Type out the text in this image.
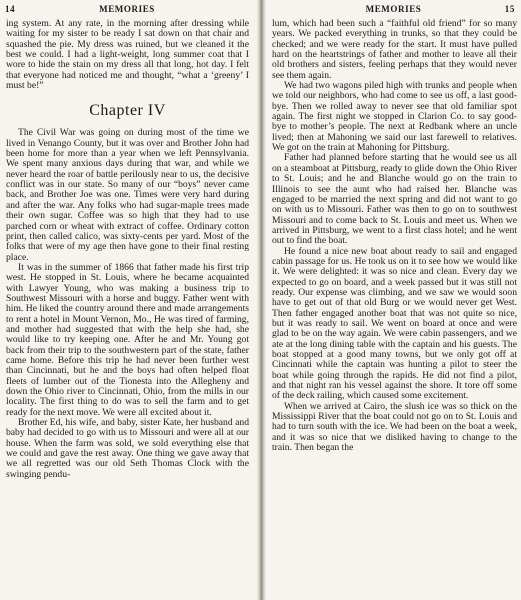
14	MEMORIES

ing system. At any rate, in the morning after dressing while waiting for my sister to be ready I sat down on that chair and squashed the pie. My dress was ruined, but we cleaned it the best we could. I had a light-weight, long summer coat that I wore to hide the stain on my dress all that long, hot day. I felt that everyone had noticed me and thought, “what a ‘greeny’ I must be!”

Chapter IV

The Civil War was going on during most of the time we lived in Venango County, but it was over and Brother John had been home for more than a year when we left Pennsylvania. We spent many anxious days during that war, and while we never heard the roar of battle perilously near to us, the decisive conflict was in our state. So many of our “boys” never came back, and Brother Joe was one. Times were very hard during and after the war. Any folks who had sugar-maple trees made their own sugar. Coffee was so high that they had to use parched corn or wheat with extract of coffee. Ordinary cotton print, then called calico, was sixty-cents per yard. Most of the folks that were of my age then have gone to their final resting place.

It was in the summer of 1866 that father made his first trip west. He stopped in St. Louis, where he became acquainted with Lawyer Young, who was making a business trip to Southwest Missouri with a horse and buggy. Father went with him. He liked the country around there and made arrangements to rent a hotel in Mount Vernon, Mo., He was tired of farming, and mother had suggested that with the help she had, she would like to try keeping one. After he and Mr. Young got back from their trip to the southwestern part of the state, father came home. Before this trip he had never been further west than Cincinnati, but he and the boys had often helped float fleets of lumber out of the Tionesta into the Allegheny and down the Ohio river to Cincinnati, Ohio, from the mills in our locality. The first thing to do was to sell the farm and to get ready for the next move. We were all excited about it.

Brother Ed, his wife, and baby, sister Kate, her husband and baby had decided to go with us to Missouri and were all at our house. When the farm was sold, we sold everything else that we could and gave the rest away. One thing we gave away that we all regretted was our old Seth Thomas Clock with the swinging pendu-

MEMORIES	15

lum, which had been such a “faithful old friend” for so many years. We packed everything in trunks, so that they could be checked; and we were ready for the start. It must have pulled hard on the heartstrings of father and mother to leave all their old brothers and sisters, feeling perhaps that they would never see them again.

We had two wagons piled high with trunks and people when we told our neighbors, who had come to see us off, a last good-bye. Then we rolled away to never see that old familiar spot again. The first night we stopped in Clarion Co. to say good-bye to mother’s people. The next at Redbank where an uncle lived; then at Mahoning we said our last farewell to relatives. We got on the train at Mahoning for Pittsburg.

Father had planned before starting that he would see us all on a steamboat at Pittsburg, ready to glide down the Ohio River to St. Louis; and he and Blanche would go on the train to Illinois to see the aunt who had raised her. Blanche was engaged to be married the next spring and did not want to go on with us to Missouri. Father was then to go on to southwest Missouri and to come back to St. Louis and meet us. When we arrived in Pittsburg, we went to a first class hotel; and he went out to find the boat.

He found a nice new boat about ready to sail and engaged cabin passage for us. He took us on it to see how we would like it. We were delighted: it was so nice and clean. Every day we expected to go on board, and a week passed but it was still not ready. Our expense was climbing, and we saw we would soon have to get out of that old Burg or we would never get West. Then father engaged another boat that was not quite so nice, but it was ready to sail. We went on board at once and were glad to be on the way again. We were cabin passengers, and we ate at the long dining table with the captain and his guests. The boat stopped at a good many towns, but we only got off at Cincinnati while the captain was hunting a pilot to steer the boat while going through the rapids. He did not find a pilot, and that night ran his vessel against the shore. It tore off some of the deck railing, which caused some excitement.

When we arrived at Cairo, the slush ice was so thick on the Mississippi River that the boat could not go on to St. Louis and had to turn south with the ice. We had been on the boat a week, and it was so nice that we disliked having to change to the train. Then began the
